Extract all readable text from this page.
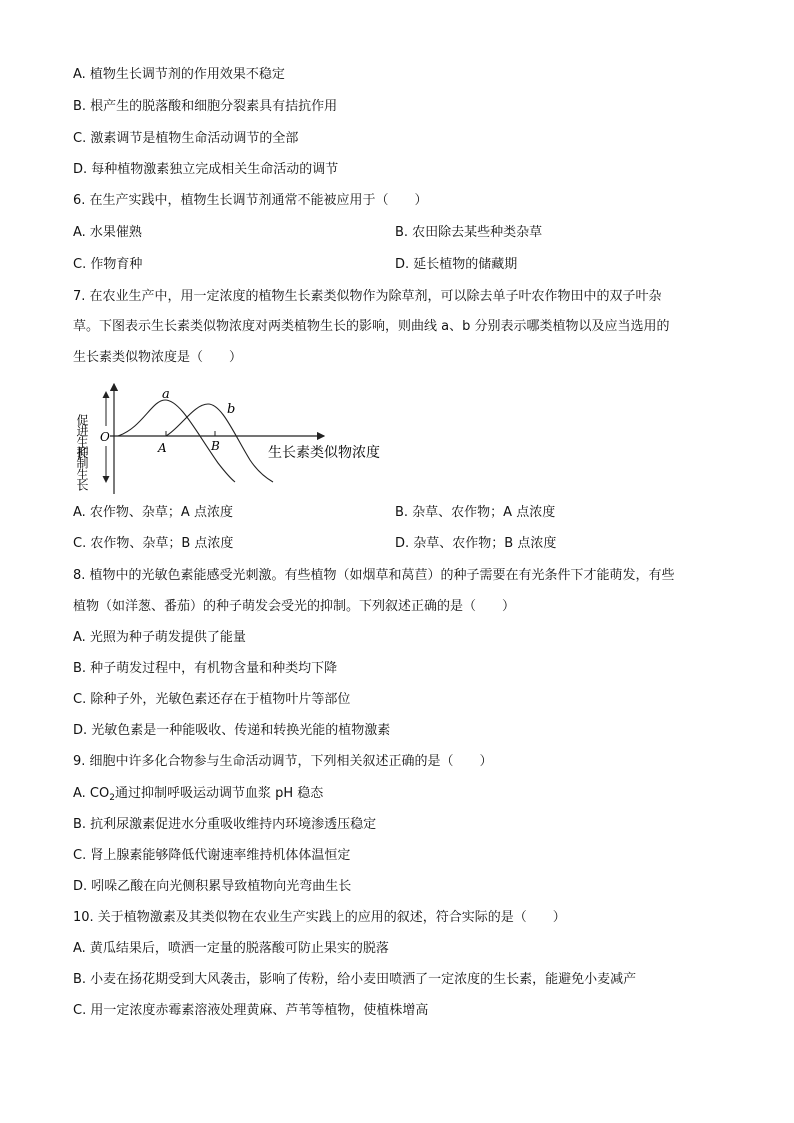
A. 植物生长调节剂的作用效果不稳定
B. 根产生的脱落酸和细胞分裂素具有拮抗作用
C. 激素调节是植物生命活动调节的全部
D. 每种植物激素独立完成相关生命活动的调节
6. 在生产实践中，植物生长调节剂通常不能被应用于（　　）
A. 水果催熟	B. 农田除去某些种类杂草
C. 作物育种	D. 延长植物的储藏期
7. 在农业生产中，用一定浓度的植物生长素类似物作为除草剂，可以除去单子叶农作物田中的双子叶杂
草。下图表示生长素类似物浓度对两类植物生长的影响，则曲线 a、b 分别表示哪类植物以及应当选用的
生长素类似物浓度是（　　）
促进生长
抑制生长
O
a
b
A	B	生长素类似物浓度
A. 农作物、杂草；A 点浓度	B. 杂草、农作物；A 点浓度
C. 农作物、杂草；B 点浓度	D. 杂草、农作物；B 点浓度
8. 植物中的光敏色素能感受光刺激。有些植物（如烟草和莴苣）的种子需要在有光条件下才能萌发，有些
植物（如洋葱、番茄）的种子萌发会受光的抑制。下列叙述正确的是（　　）
A. 光照为种子萌发提供了能量
B. 种子萌发过程中，有机物含量和种类均下降
C. 除种子外，光敏色素还存在于植物叶片等部位
D. 光敏色素是一种能吸收、传递和转换光能的植物激素
9. 细胞中许多化合物参与生命活动调节，下列相关叙述正确的是（　　）
A. $CO_2$通过抑制呼吸运动调节血浆 pH 稳态
B. 抗利尿激素促进水分重吸收维持内环境渗透压稳定
C. 肾上腺素能够降低代谢速率维持机体体温恒定
D. 吲哚乙酸在向光侧积累导致植物向光弯曲生长
10. 关于植物激素及其类似物在农业生产实践上的应用的叙述，符合实际的是（　　）
A. 黄瓜结果后，喷洒一定量的脱落酸可防止果实的脱落
B. 小麦在扬花期受到大风袭击，影响了传粉，给小麦田喷洒了一定浓度的生长素，能避免小麦减产
C. 用一定浓度赤霉素溶液处理黄麻、芦苇等植物，使植株增高
